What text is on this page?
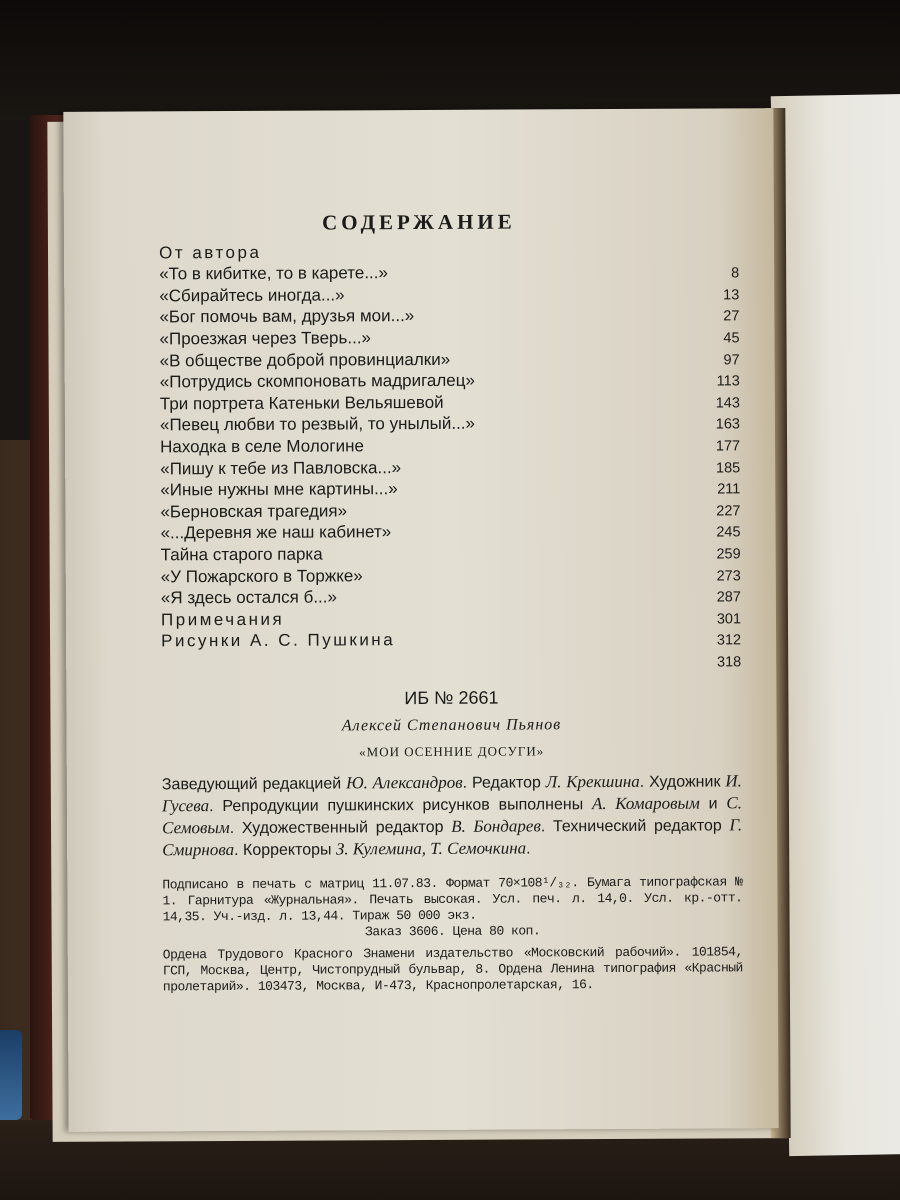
СОДЕРЖАНИЕ
От автора
«То в кибитке, то в карете...»	8
«Сбирайтесь иногда...»	13
«Бог помочь вам, друзья мои...»	27
«Проезжая через Тверь...»	45
«В обществе доброй провинциалки»	97
«Потрудись скомпоновать мадригалец»	113
Три портрета Катеньки Вельяшевой	143
«Певец любви то резвый, то унылый...»	163
Находка в селе Мологине	177
«Пишу к тебе из Павловска...»	185
«Иные нужны мне картины...»	211
«Берновская трагедия»	227
«...Деревня же наш кабинет»	245
Тайна старого парка	259
«У Пожарского в Торжке»	273
«Я здесь остался б...»	287
Примечания	301
Рисунки А. С. Пушкина	312
318
ИБ № 2661
Алексей Степанович Пьянов
«МОИ ОСЕННИЕ ДОСУГИ»

Заведующий редакцией Ю. Александров. Редактор Л. Крекшина. Художник И. Гусева. Репродукции пушкинских рисунков выполнены А. Комаровым и С. Семовым. Художественный редактор В. Бондарев. Технический редактор Г. Смирнова. Корректоры З. Кулемина, Т. Семочкина.

Подписано в печать с матриц 11.07.83. Формат 70×108¹/₃₂. Бумага типографская № 1. Гарнитура «Журнальная». Печать высокая. Усл. печ. л. 14,0. Усл. кр.-отт. 14,35. Уч.-изд. л. 13,44. Тираж 50 000 экз.
Заказ 3606. Цена 80 коп.

Ордена Трудового Красного Знамени издательство «Московский рабочий». 101854, ГСП, Москва, Центр, Чистопрудный бульвар, 8. Ордена Ленина типография «Красный пролетарий». 103473, Москва, И-473, Краснопролетарская, 16.
